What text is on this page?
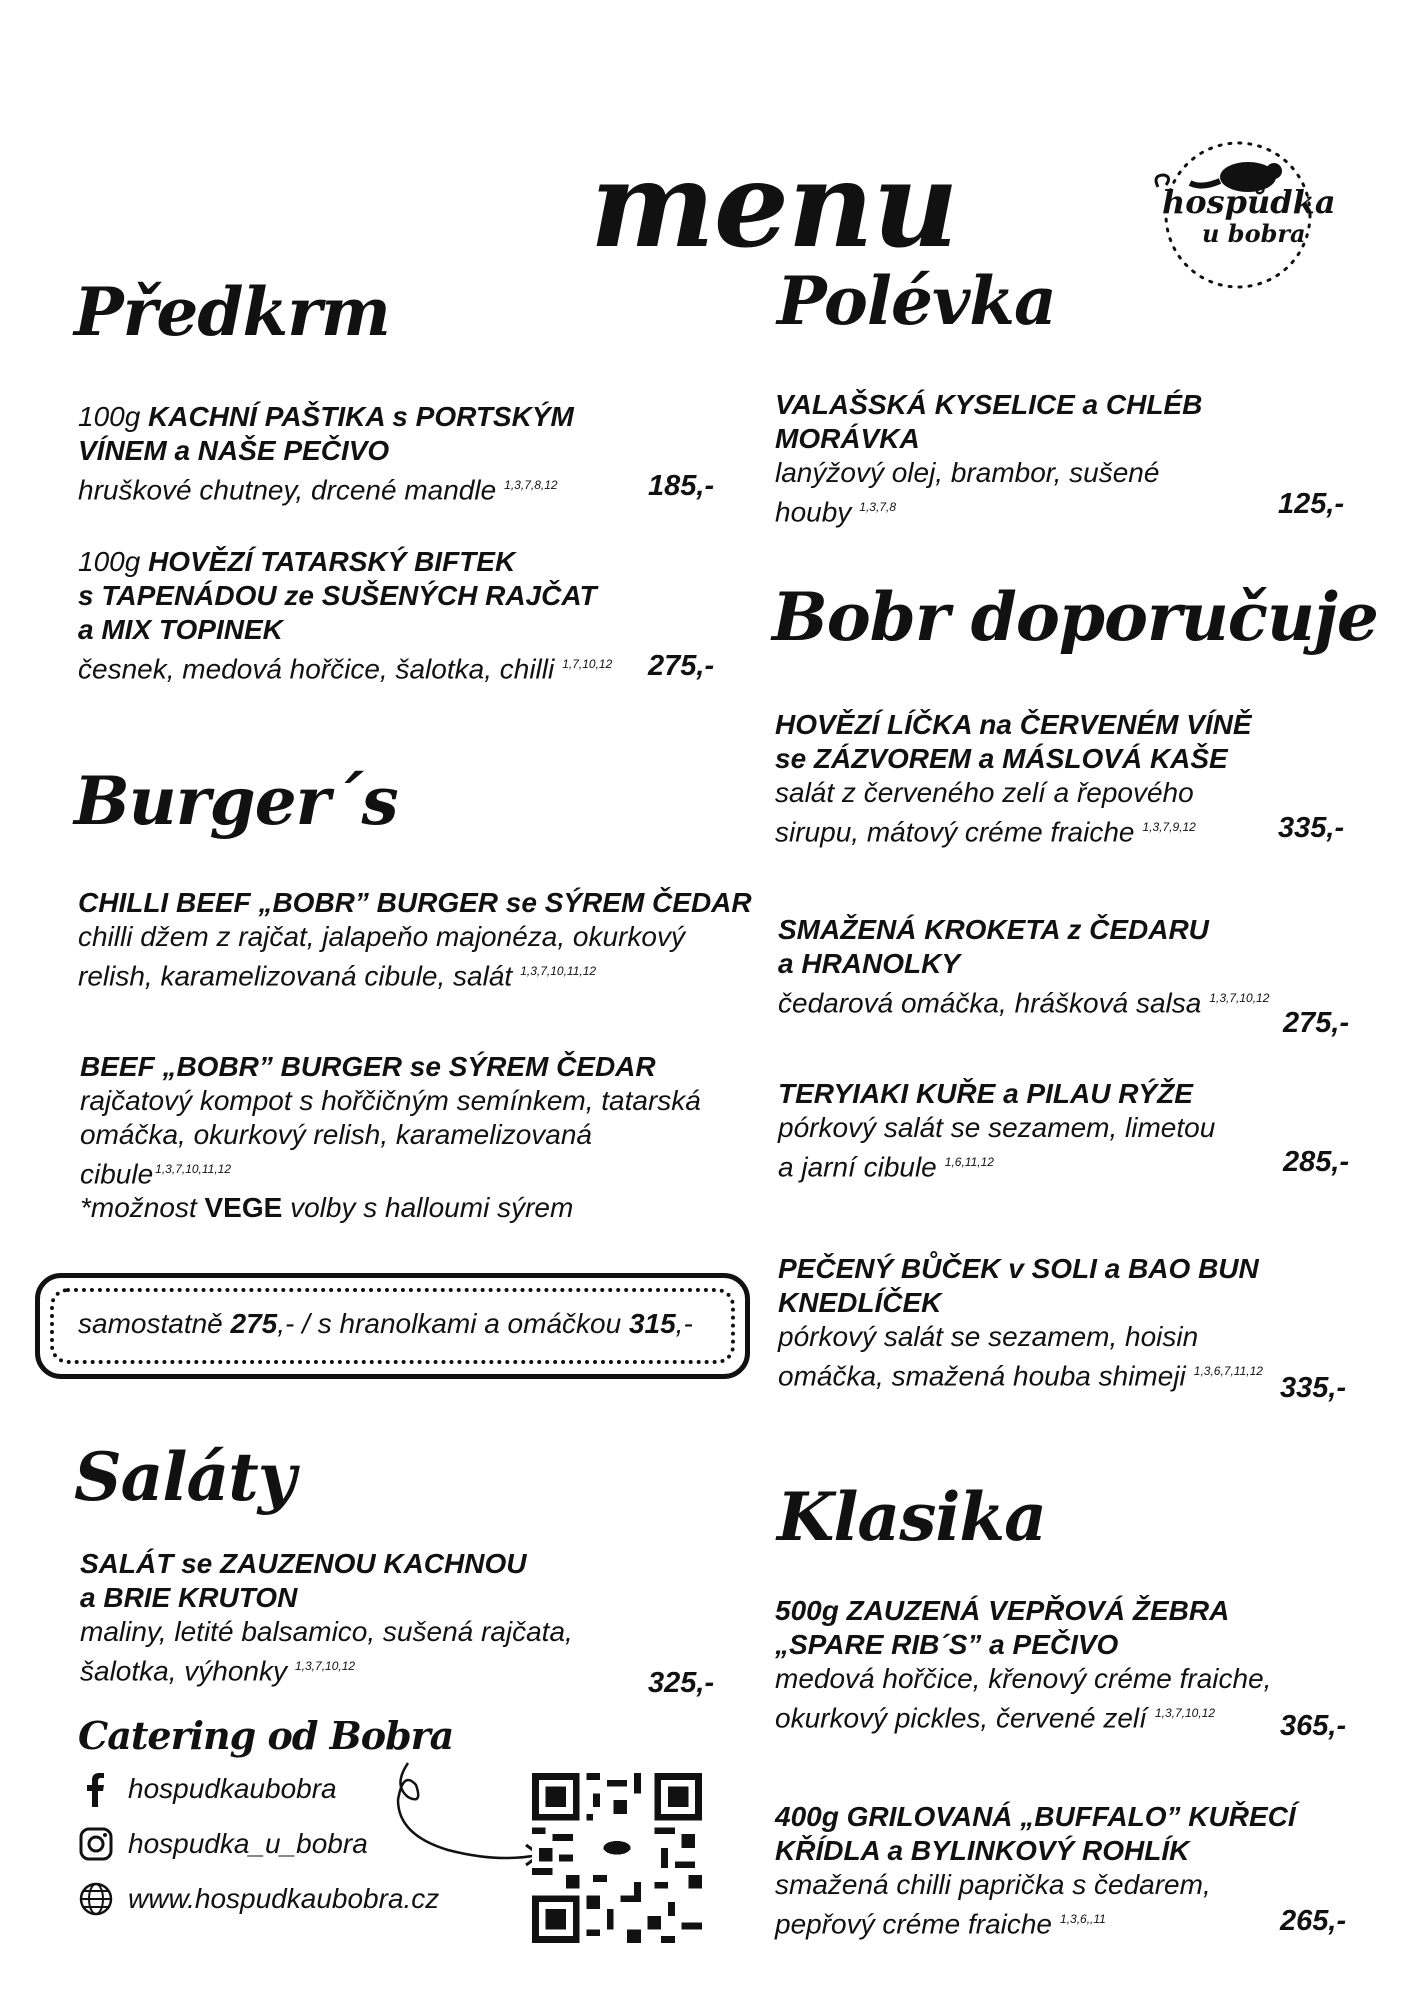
menu	hospůdka
u bobra
Předkrm	Polévka
Bobr doporučuje
Burger´s
Saláty
Klasika
Catering od Bobra
100g KACHNÍ PAŠTIKA s PORTSKÝM
VÍNEM a NAŠE PEČIVO
hruškové chutney, drcené mandle $^{1,3,7,8,12}$	185,-
100g HOVĚZÍ TATARSKÝ BIFTEK
s TAPENÁDOU ze SUŠENÝCH RAJČAT
a MIX TOPINEK
česnek, medová hořčice, šalotka, chilli $^{1,7,10,12}$ 275,-
CHILLI BEEF „BOBR” BURGER se SÝREM ČEDAR
chilli džem z rajčat, jalapeňo majonéza, okurkový
relish, karamelizovaná cibule, salát $^{1,3,7,10,11,12}$
BEEF „BOBR” BURGER se SÝREM ČEDAR
rajčatový kompot s hořčičným semínkem, tatarská
omáčka, okurkový relish, karamelizovaná
cibule $^{1,3,7,10,11,12}$
*možnost VEGE volby s halloumi sýrem
samostatně 275,- / s hranolkami a omáčkou 315,-
SALÁT se ZAUZENOU KACHNOU
a BRIE KRUTON
maliny, letité balsamico, sušená rajčata,
šalotka, výhonky $^{1,3,7,10,12}$
325,-
hospudkaubobra
hospudka_u_bobra
www.hospudkaubobra.cz
VALAŠSKÁ KYSELICE a CHLÉB
MORÁVKA
lanýžový olej, brambor, sušené
houby $^{1,3,7,8}$	125,-
HOVĚZÍ LÍČKA na ČERVENÉM VÍNĚ
se ZÁZVOREM a MÁSLOVÁ KAŠE
salát z červeného zelí a řepového
sirupu, mátový créme fraiche $^{1,3,7,9,12}$	335,-
SMAŽENÁ KROKETA z ČEDARU
a HRANOLKY
čedarová omáčka, hrášková salsa $^{1,3,7,10,12}$
275,-
TERYIAKI KUŘE a PILAU RÝŽE
pórkový salát se sezamem, limetou
a jarní cibule $^{1,6,11,12}$	285,-
PEČENÝ BŮČEK v SOLI a BAO BUN
KNEDLÍČEK
pórkový salát se sezamem, hoisin
omáčka, smažená houba shimeji $^{1,3,6,7,11,12}$
335,-
500g ZAUZENÁ VEPŘOVÁ ŽEBRA
„SPARE RIB´S” a PEČIVO
medová hořčice, křenový créme fraiche,
okurkový pickles, červené zelí $^{1,3,7,10,12}$	365,-
400g GRILOVANÁ „BUFFALO” KUŘECÍ
KŘÍDLA a BYLINKOVÝ ROHLÍK
smažená chilli paprička s čedarem,
pepřový créme fraiche $^{1,3,6,,11}$	265,-
